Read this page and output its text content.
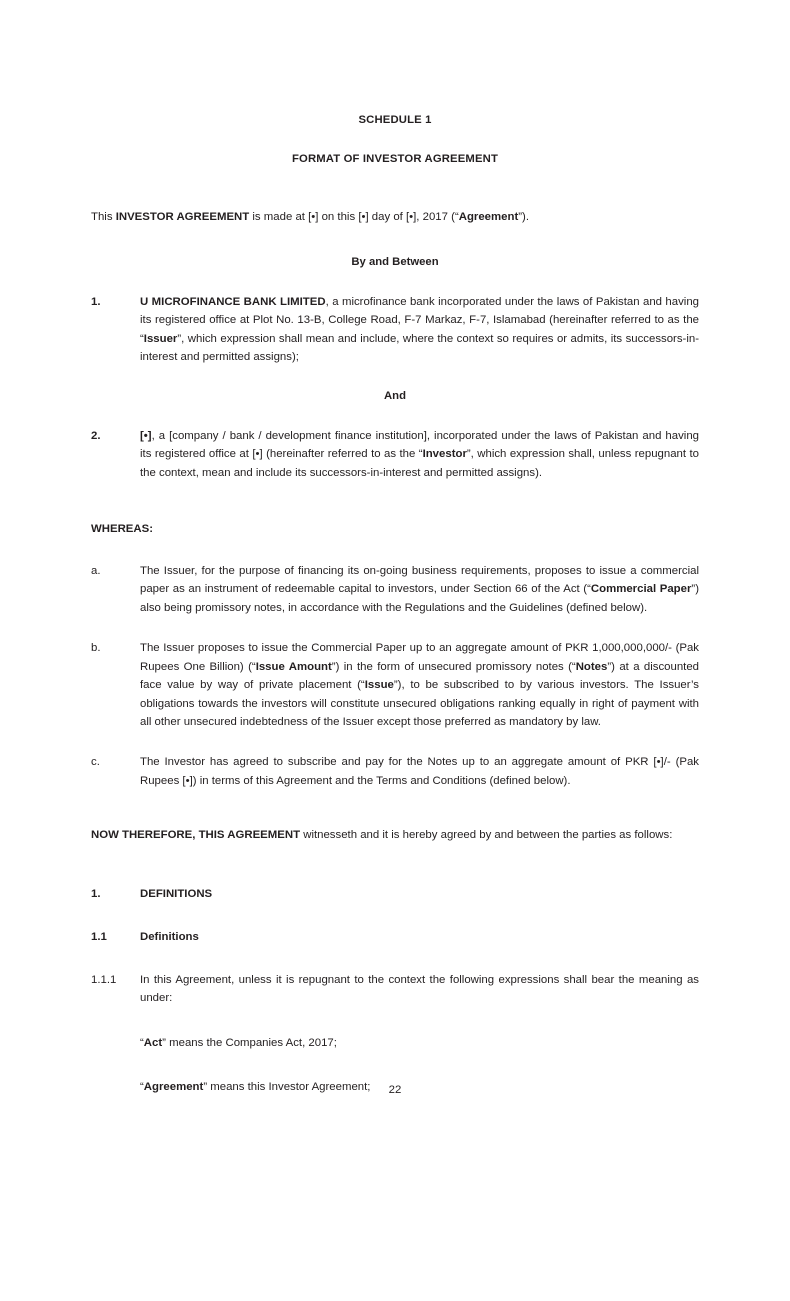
SCHEDULE 1
FORMAT OF INVESTOR AGREEMENT

This INVESTOR AGREEMENT is made at [•] on this [•] day of [•], 2017 (“Agreement”).

By and Between
1.	U MICROFINANCE BANK LIMITED, a microfinance bank incorporated under the laws of Pakistan and having its registered office at Plot No. 13-B, College Road, F-7 Markaz, F-7, Islamabad (hereinafter referred to as the “Issuer”, which expression shall mean and include, where the context so requires or admits, its successors-in-interest and permitted assigns);

And
2.	[•], a [company / bank / development finance institution], incorporated under the laws of Pakistan and having its registered office at [•] (hereinafter referred to as the “Investor”, which expression shall, unless repugnant to the context, mean and include its successors-in-interest and permitted assigns).

WHEREAS:
a.	The Issuer, for the purpose of financing its on-going business requirements, proposes to issue a commercial paper as an instrument of redeemable capital to investors, under Section 66 of the Act (“Commercial Paper”) also being promissory notes, in accordance with the Regulations and the Guidelines (defined below).

b.	The Issuer proposes to issue the Commercial Paper up to an aggregate amount of PKR 1,000,000,000/- (Pak Rupees One Billion) (“Issue Amount”) in the form of unsecured promissory notes (“Notes”) at a discounted face value by way of private placement (“Issue”), to be subscribed to by various investors. The Issuer’s obligations towards the investors will constitute unsecured obligations ranking equally in right of payment with all other unsecured indebtedness of the Issuer except those preferred as mandatory by law.

c.	The Investor has agreed to subscribe and pay for the Notes up to an aggregate amount of PKR [•]/- (Pak Rupees [•]) in terms of this Agreement and the Terms and Conditions (defined below).

NOW THEREFORE, THIS AGREEMENT witnesseth and it is hereby agreed by and between the parties as follows:

1.	DEFINITIONS
1.1	Definitions
1.1.1 In this Agreement, unless it is repugnant to the context the following expressions shall bear the meaning as under:

“Act” means the Companies Act, 2017;

“Agreement” means this Investor Agreement;	22
